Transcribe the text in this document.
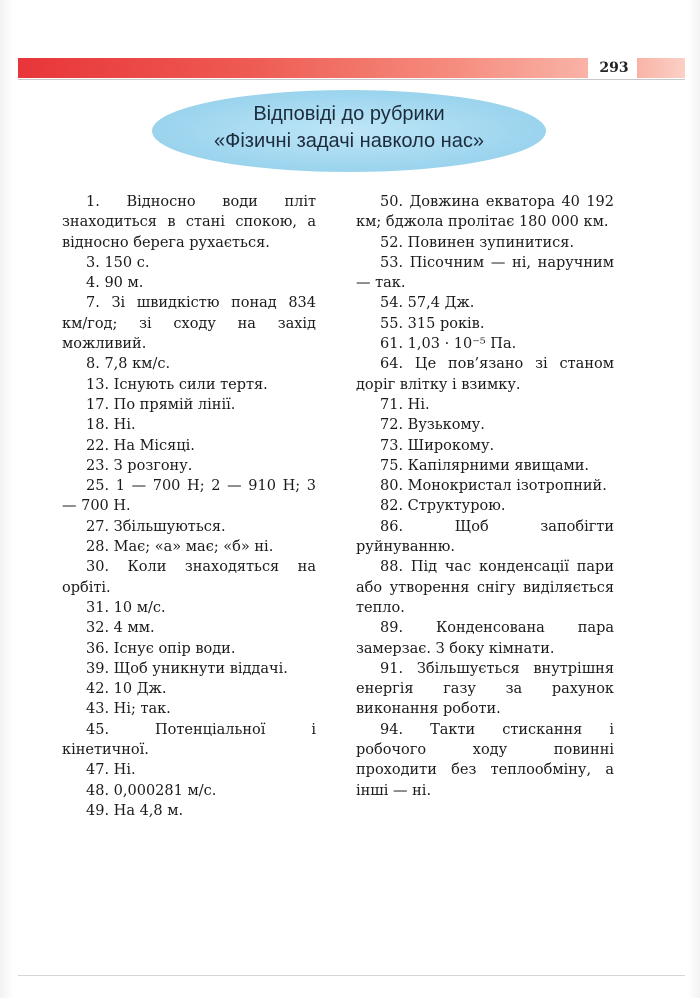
293
Відповіді до рубрики
«Фізичні задачі навколо нас»

1. Відносно води пліт знаходиться в стані спокою, а відносно берега рухається.

3. 150 с.

4. 90 м.

7. Зі швидкістю понад 834 км/год; зі сходу на захід можливий.

8. 7,8 км/с.

13. Існують сили тертя.

17. По прямій лінії.

18. Ні.

22. На Місяці.

23. З розгону.

25. 1 — 700 Н; 2 — 910 Н; 3 — 700 Н.

27. Збільшуються.

28. Має; «а» має; «б» ні.

30. Коли знаходяться на орбіті.

31. 10 м/с.

32. 4 мм.

36. Існує опір води.

39. Щоб уникнути віддачі.

42. 10 Дж.

43. Ні; так.

45. Потенціальної і кінетичної.

47. Ні.

48. 0,000281 м/с.

49. На 4,8 м.

50. Довжина екватора 40 192 км; бджола пролітає 180 000 км.

52. Повинен зупинитися.

53. Пісочним — ні, наручним — так.

54. 57,4 Дж.

55. 315 років.

61. 1,03 · 10⁻⁵ Па.

64. Це пов’язано зі станом доріг влітку і взимку.

71. Ні.

72. Вузькому.

73. Широкому.

75. Капілярними явищами.

80. Монокристал ізотропний.

82. Структурою.

86. Щоб запобігти руйнуванню.

88. Під час конденсації пари або утворення снігу виділяється тепло.

89. Конденсована пара замерзає. З боку кімнати.

91. Збільшується внутрішня енергія газу за рахунок виконання роботи.

94. Такти стискання і робочого ходу повинні проходити без теплообміну, а інші — ні.
